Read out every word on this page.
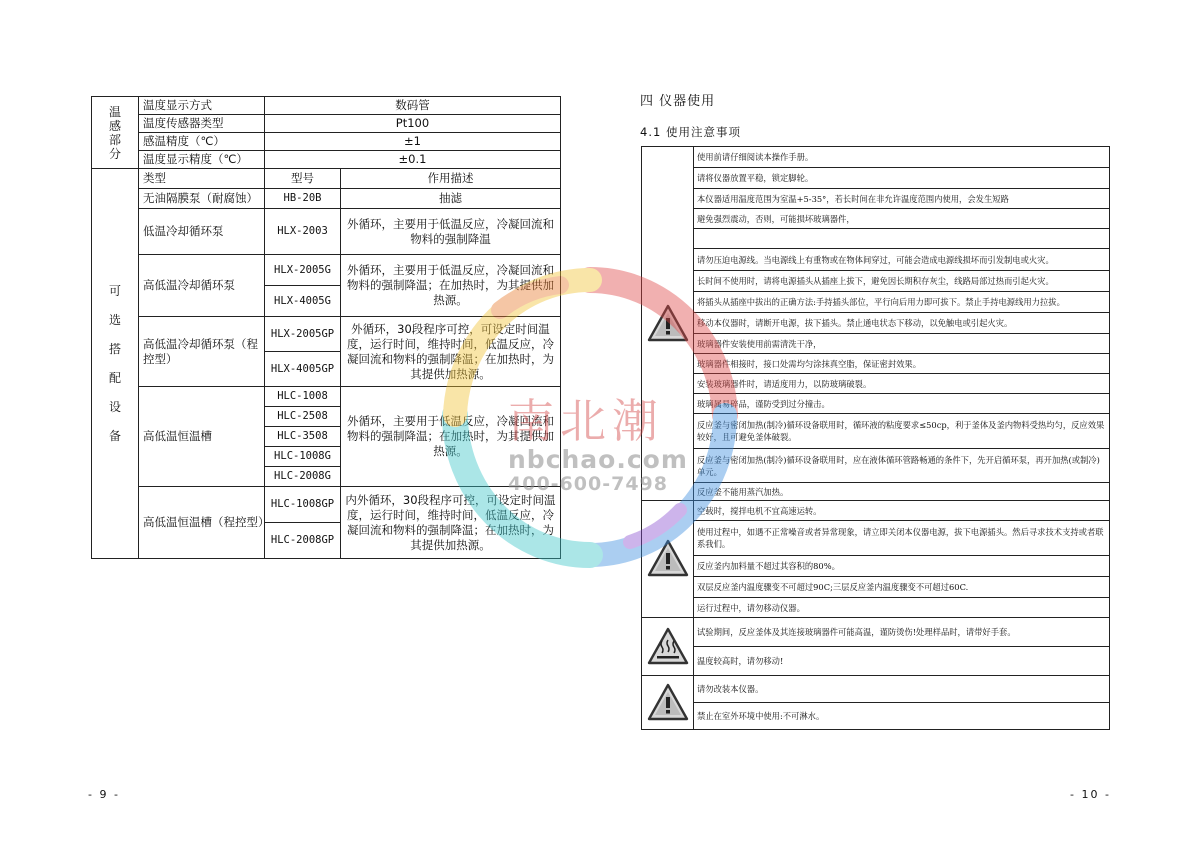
温感部分	温度显示方式	数码管	
	温度传感器类型	Pt100	
	感温精度（℃）	±1	
	温度显示精度（℃）	±0.1	
可选搭配设备	类型	型号	作用描述
	无油隔膜泵（耐腐蚀）	HB-20B	抽滤
	低温冷却循环泵	HLX-2003	外循环，主要用于低温反应，冷凝回流和物料的强制降温
	高低温冷却循环泵	HLX-2005G	外循环，主要用于低温反应，冷凝回流和物料的强制降温；在加热时，为其提供加热源。
		HLX-4005G	
	高低温冷却循环泵（程控型）	HLX-2005GP	外循环，30段程序可控，可设定时间温度，运行时间，维持时间，低温反应，冷凝回流和物料的强制降温；在加热时，为其提供加热源。
		HLX-4005GP	
	高低温恒温槽	HLC-1008	外循环，主要用于低温反应，冷凝回流和物料的强制降温；在加热时，为其提供加热源。
		HLC-2508	
		HLC-3508	
		HLC-1008G	
		HLC-2008G	
	高低温恒温槽（程控型）	HLC-1008GP	内外循环，30段程序可控，可设定时间温度，运行时间，维持时间，低温反应，冷凝回流和物料的强制降温；在加热时，为其提供加热源。
		HLC-2008GP	
- 9 -
四 仪器使用
4.1 使用注意事项
	使用前请仔细阅读本操作手册。
	请将仪器放置平稳，锁定脚轮。
	本仪器适用温度范围为室温+5-35°，若长时间在非允许温度范围内使用，会发生短路
	避免强烈震动，否则，可能损坏玻璃器件，

	请勿压迫电源线。当电源线上有重物或在物体间穿过，可能会造成电源线损坏而引发制电或火灾。
	长时间不使用时，请将电源插头从插座上拔下，避免因长期积存灰尘，线路局部过热而引起火灾。
	将插头从插座中拔出的正确方法:手持插头部位，平行向后用力即可拔下。禁止手持电源线用力拉拔。
	移动本仪器时，请断开电源，拔下插头。禁止通电状态下移动，以免触电或引起火灾。
	玻璃器件安装使用前需清洗干净，
	玻璃器件相接时，接口处需均匀涂抹真空脂，保证密封效果。
	安装玻璃器件时，请适度用力，以防玻璃破裂。
	玻璃属易碎品，谨防受到过分撞击。
	反应釜与密闭加热(制冷)循环设备联用时，循环液的粘度要求≤50cp，利于釜体及釜内物料受热均匀，反应效果较好，且可避免釜体破裂。
	反应釜与密闭加热(制冷)循环设备联用时，应在液体循环管路畅通的条件下，先开启循环泵，再开加热(或制冷)单元。
	反应釜不能用蒸汽加热。
	空载时，搅拌电机不宜高速运转。
	使用过程中，如遇不正常噪音或者异常现象，请立即关闭本仪器电源，拔下电源插头。然后寻求技术支持或者联系我们。
	反应釜内加料量不超过其容积的80%。
	双层反应釜内温度骤变不可超过90C;三层反应釜内温度骤变不可超过60C.
	运行过程中，请勿移动仪器。
	试验期间，反应釜体及其连接玻璃器件可能高温，谨防烫伤!处理样品时，请带好手套。
	温度较高时，请勿移动!
	请勿改装本仪器。
	禁止在室外环境中使用:不可淋水。
- 10 -
南北潮
nbchao.com
400-600-7498
